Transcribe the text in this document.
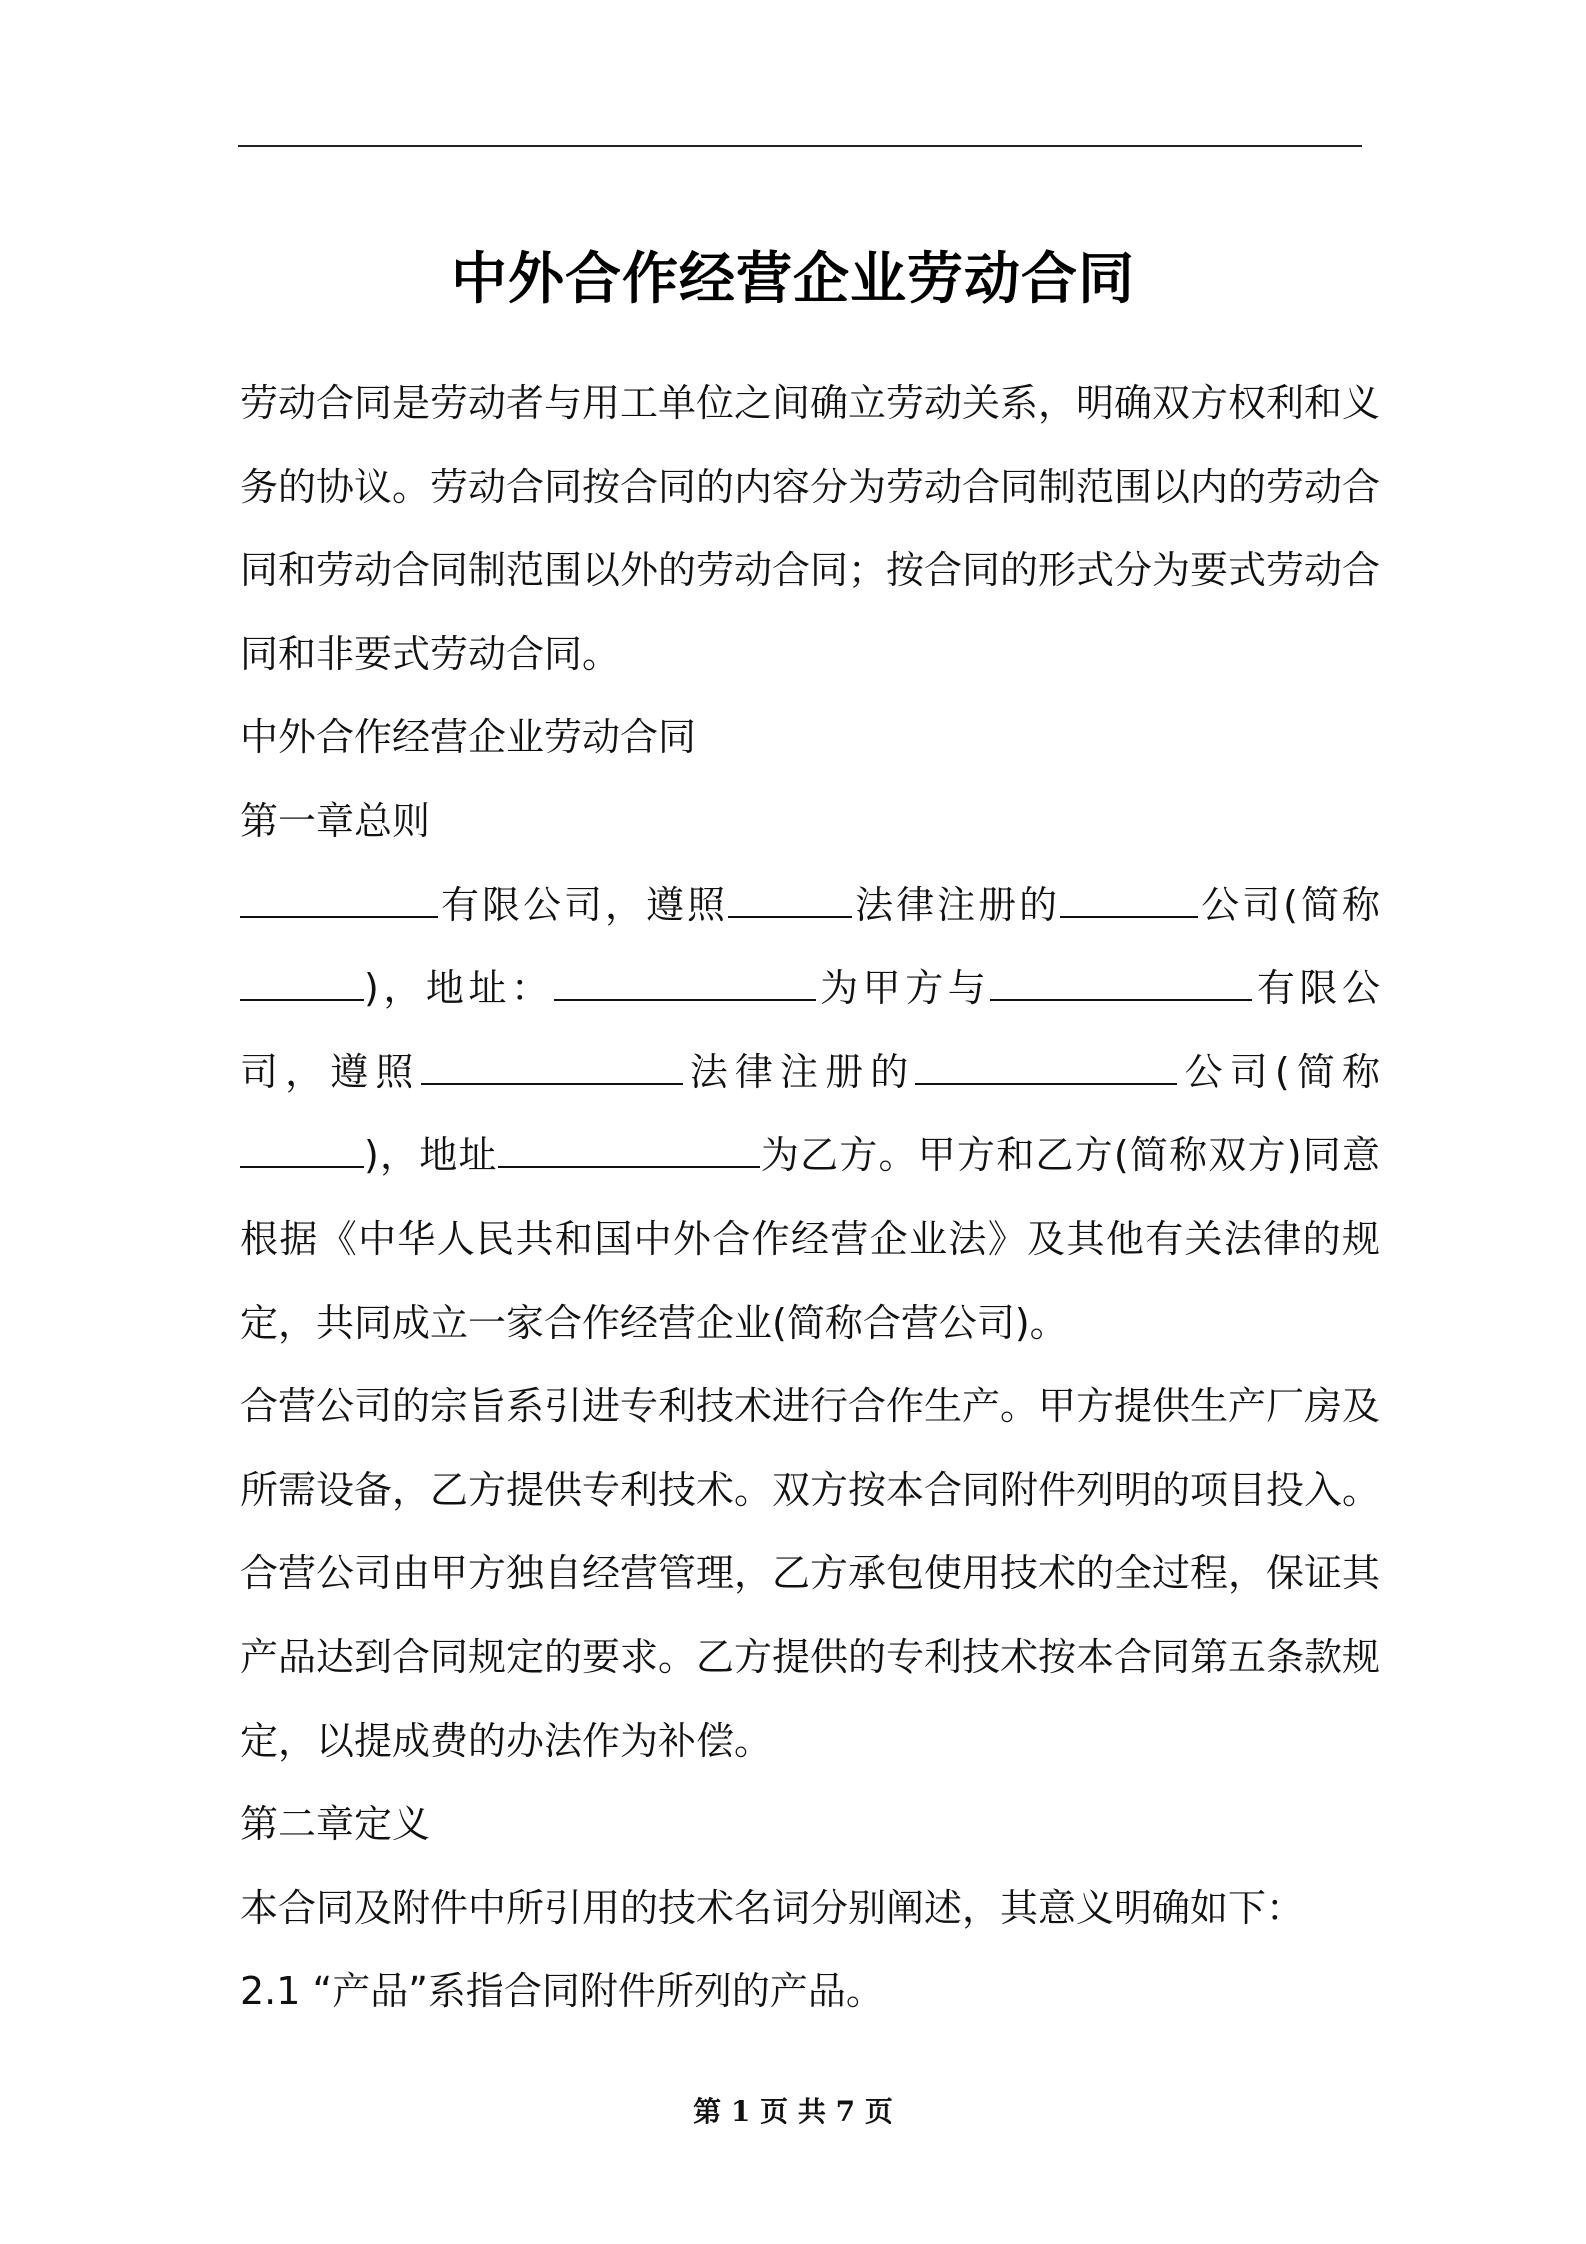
中外合作经营企业劳动合同

劳动合同是劳动者与用工单位之间确立劳动关系，明确双方权利和义务的协议。劳动合同按合同的内容分为劳动合同制范围以内的劳动合同和劳动合同制范围以外的劳动合同；按合同的形式分为要式劳动合同和非要式劳动合同。

中外合作经营企业劳动合同

第一章总则

有限公司，遵照	法律注册的	公司(简称)，地址：	为甲方与	有限公司，遵照	法律注册的	公司(简称)，地址	为乙方。甲方和乙方(简称双方)同意根据《中华人民共和国中外合作经营企业法》及其他有关法律的规定，共同成立一家合作经营企业(简称合营公司)。

合营公司的宗旨系引进专利技术进行合作生产。甲方提供生产厂房及所需设备，乙方提供专利技术。双方按本合同附件列明的项目投入。合营公司由甲方独自经营管理，乙方承包使用技术的全过程，保证其产品达到合同规定的要求。乙方提供的专利技术按本合同第五条款规定，以提成费的办法作为补偿。

第二章定义

本合同及附件中所引用的技术名词分别阐述，其意义明确如下：

2.1 “产品”系指合同附件所列的产品。

第 1 页 共 7 页
